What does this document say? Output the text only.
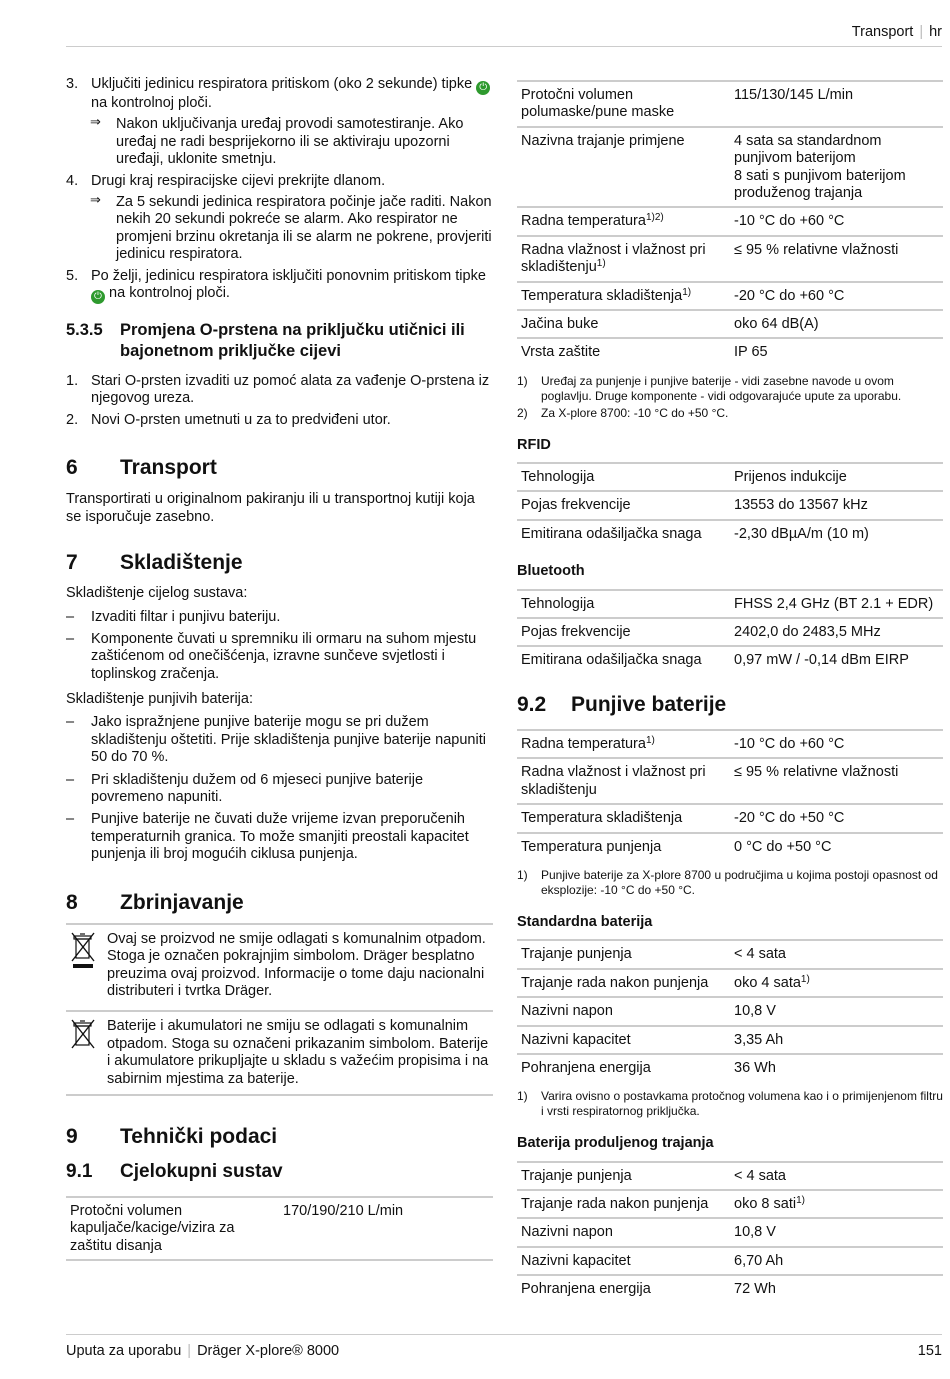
Transport | hr
3. Uključiti jedinicu respiratora pritiskom (oko 2 sekunde) tipke ⏻ na kontrolnoj ploči.
⇒ Nakon uključivanja uređaj provodi samotestiranje. Ako uređaj ne radi besprijekorno ili se aktiviraju upozorni uređaji, uklonite smetnju.
4. Drugi kraj respiracijske cijevi prekrijte dlanom.
⇒ Za 5 sekundi jedinica respiratora počinje jače raditi. Nakon nekih 20 sekundi pokreće se alarm. Ako respirator ne promjeni brzinu okretanja ili se alarm ne pokrene, provjeriti jedinicu respiratora.
5. Po želji, jedinicu respiratora isključiti ponovnim pritiskom tipke ⏻ na kontrolnoj ploči.
5.3.5 Promjena O-prstena na priključku utičnici ili bajonetnom priključke cijevi
1. Stari O-prsten izvaditi uz pomoć alata za vađenje O-prstena iz njegovog ureza.
2. Novi O-prsten umetnuti u za to predviđeni utor.
6 Transport

Transportirati u originalnom pakiranju ili u transportnoj kutiji koja se isporučuje zasebno.

7 Skladištenje

Skladištenje cijelog sustava:

– Izvaditi filtar i punjivu bateriju.
– Komponente čuvati u spremniku ili ormaru na suhom mjestu zaštićenom od onečišćenja, izravne sunčeve svjetlosti i toplinskog zračenja.

Skladištenje punjivih baterija:

– Jako ispražnjene punjive baterije mogu se pri dužem skladištenju oštetiti. Prije skladištenja punjive baterije napuniti 50 do 70 %.
– Pri skladištenju dužem od 6 mjeseci punjive baterije povremeno napuniti.
– Punjive baterije ne čuvati duže vrijeme izvan preporučenih temperaturnih granica. To može smanjiti preostali kapacitet punjenja ili broj mogućih ciklusa punjenja.
8 Zbrinjavanje
Ovaj se proizvod ne smije odlagati s komunalnim otpadom. Stoga je označen pokrajnjim simbolom. Dräger besplatno preuzima ovaj proizvod. Informacije o tome daju nacionalni distributeri i tvrtka Dräger.
Baterije i akumulatori ne smiju se odlagati s komunalnim otpadom. Stoga su označeni prikazanim simbolom. Baterije i akumulatore prikupljajte u skladu s važećim propisima i na sabirnim mjestima za baterije.
9 Tehnički podaci
9.1 Cjelokupni sustav
Protočni volumen kapulјače/kacige/vizira za zaštitu disanja	170/190/210 L/min
Protočni volumen polumaske/pune maske	115/130/145 L/min
Nazivna trajanje primjene	4 sata sa standardnom punjivom baterijom
8 sati s punjivom baterijom produženog trajanja
Radna temperatura$^{1)2)}$	-10 °C do +60 °C
Radna vlažnost i vlažnost pri skladištenju$^{1)}$	≤ 95 % relativne vlažnosti
Temperatura skladištenja$^{1)}$	-20 °C do +60 °C
Jačina buke	oko 64 dB(A)
Vrsta zaštite	IP 65
1) Uređaj za punjenje i punjive baterije - vidi zasebne navode u ovom poglavlju. Druge komponente - vidi odgovarajuće upute za uporabu.
2) Za X-plore 8700: -10 °C do +50 °C.
RFID
Tehnologija	Prijenos indukcije
Pojas frekvencije	13553 do 13567 kHz
Emitirana odašiljačka snaga	-2,30 dBµA/m (10 m)
Bluetooth
Tehnologija	FHSS 2,4 GHz (BT 2.1 + EDR)
Pojas frekvencije	2402,0 do 2483,5 MHz
Emitirana odašiljačka snaga	0,97 mW / -0,14 dBm EIRP
9.2 Punjive baterije
Radna temperatura$^{1)}$	-10 °C do +60 °C
Radna vlažnost i vlažnost pri skladištenju	≤ 95 % relativne vlažnosti
Temperatura skladištenja	-20 °C do +50 °C
Temperatura punjenja	0 °C do +50 °C
1) Punjive baterije za X-plore 8700 u područjima u kojima postoji opasnost od eksplozije: -10 °C do +50 °C.
Standardna baterija
Trajanje punjenja	< 4 sata
Trajanje rada nakon punjenja	oko 4 sata$^{1)}$
Nazivni napon	10,8 V
Nazivni kapacitet	3,35 Ah
Pohranjena energija	36 Wh
1) Varira ovisno o postavkama protočnog volumena kao i o primijenjenom filtru i vrsti respiratornog priključka.
Baterija produljenog trajanja
Trajanje punjenja	< 4 sata
Trajanje rada nakon punjenja	oko 8 sati$^{1)}$
Nazivni napon	10,8 V
Nazivni kapacitet	6,70 Ah
Pohranjena energija	72 Wh
Uputa za uporabu | Dräger X-plore® 8000	151
